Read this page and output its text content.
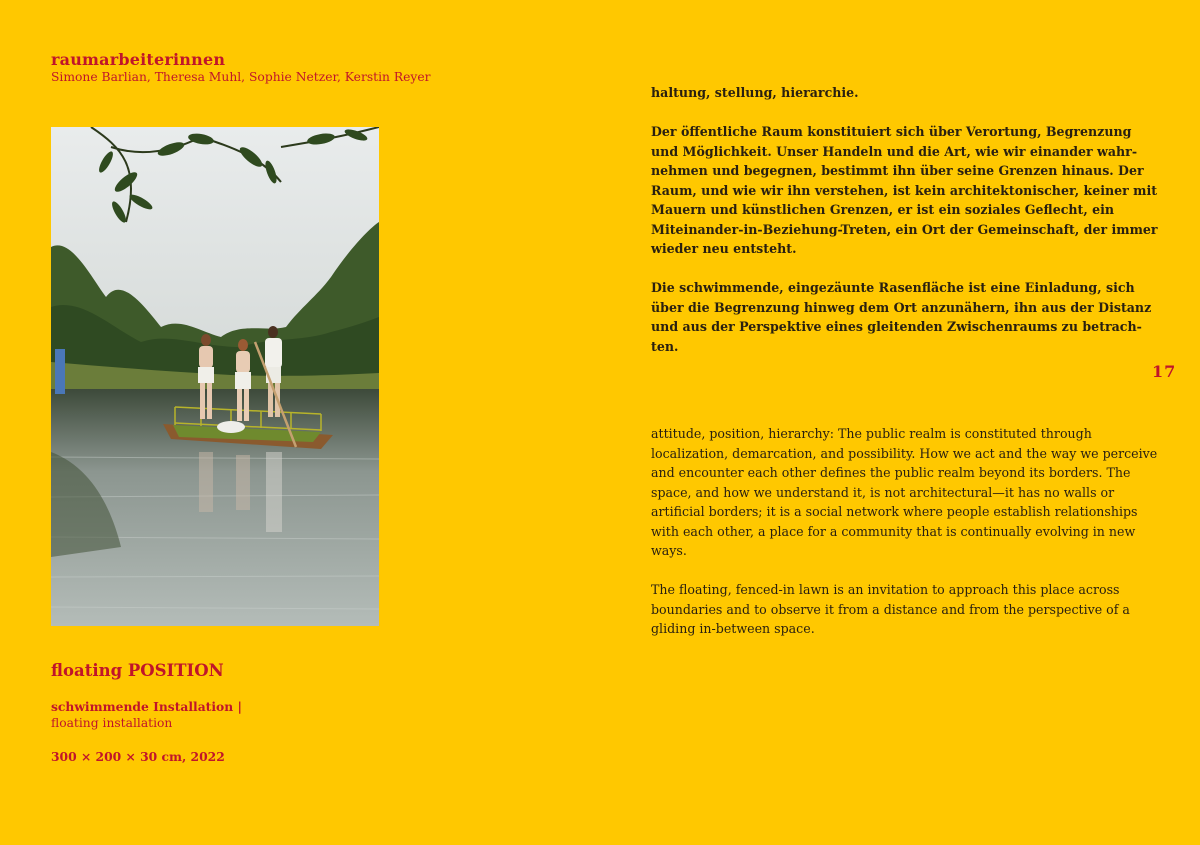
raumarbeiterinnen
Simone Barlian, Theresa Muhl, Sophie Netzer, Kerstin Reyer
floating POSITION
schwimmende Installation |
floating installation
300 × 200 × 30 cm, 2022

haltung, stellung, hierarchie.

Der öffentliche Raum konstituiert sich über Verortung, Begrenzung und Möglichkeit. Unser Handeln und die Art, wie wir einander wahr-nehmen und begegnen, bestimmt ihn über seine Grenzen hinaus. Der Raum, und wie wir ihn verstehen, ist kein architektonischer, keiner mit Mauern und künstlichen Grenzen, er ist ein soziales Geflecht, ein Miteinander-in-Beziehung-Treten, ein Ort der Gemeinschaft, der immer wieder neu entsteht.

Die schwimmende, eingezäunte Rasenfläche ist eine Einladung, sich über die Begrenzung hinweg dem Ort anzunähern, ihn aus der Distanz und aus der Perspektive eines gleitenden Zwischenraums zu betrach-ten.

17

attitude, position, hierarchy: The public realm is constituted through localization, demarcation, and possibility. How we act and the way we perceive and encounter each other defines the public realm beyond its borders. The space, and how we understand it, is not architectural—it has no walls or artificial borders; it is a social network where people establish relationships with each other, a place for a community that is continually evolving in new ways.

The floating, fenced-in lawn is an invitation to approach this place across boundaries and to observe it from a distance and from the perspective of a gliding in-between space.
